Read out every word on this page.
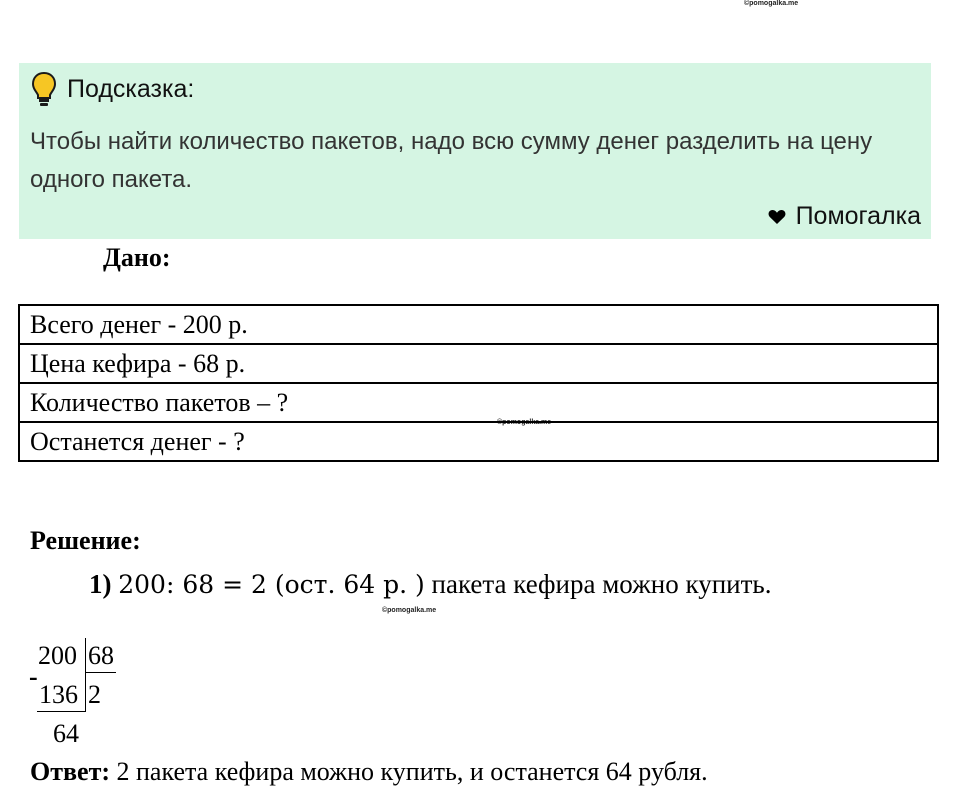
©pomogalka.me
©pomogalka.me
©pomogalka.me
Подсказка:
Чтобы найти количество пакетов, надо всю сумму денег разделить на цену одного пакета.
Помогалка
Дано:
Всего денег - 200 р.
Цена кефира - 68 р.
Количество пакетов – ?
Останется денег - ?
Решение:
1) 200: 68 = 2 (ост. 64 р. ) пакета кефира можно купить.
200 68
-
136 2
64
Ответ: 2 пакета кефира можно купить, и останется 64 рубля.
